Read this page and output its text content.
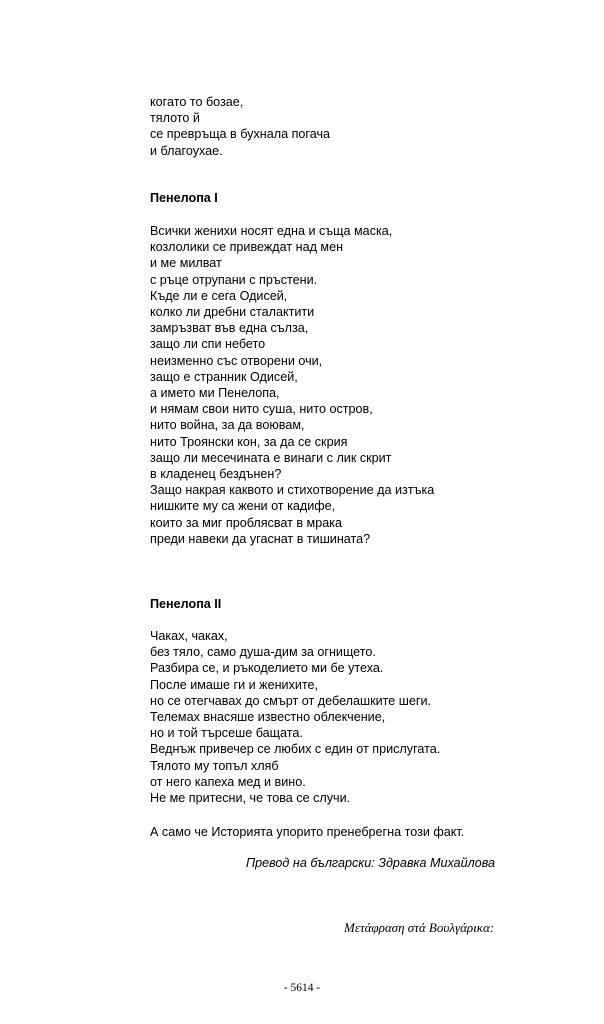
когато то бозае,
тялото й
се превръща в бухнала погача
и благоухае.
Пенелопа I
Всички женихи носят една и съща маска,
козлолики се привеждат над мен
и ме милват
с ръце отрупани с пръстени.
Къде ли е сега Одисей,
колко ли дребни сталактити
замръзват във една сълза,
защо ли спи небето
неизменно със отворени очи,
защо е странник Одисей,
а името ми Пенелопа,
и нямам свои нито суша, нито остров,
нито война, за да воювам,
нито Троянски кон, за да се скрия
защо ли месечината е винаги с лик скрит
в кладенец бездънен?
Защо накрая каквото и стихотворение да изтъка
нишките му са жени от кадифе,
които за миг проблясват в мрака
преди навеки да угаснат в тишината?
Пенелопа II
Чаках, чаках,
без тяло, само душа-дим за огнището.
Разбира се, и ръкоделието ми бе утеха.
После имаше ги и женихите,
но се отегчавах до смърт от дебелашките шеги.
Телемах внасяше известно облекчение,
но и той търсеше бащата.
Веднъж привечер се любих с един от прислугата.
Тялото му топъл хляб
от него капеха мед и вино.
Не ме притесни, че това се случи.
А само че Историята упорито пренебрегна този факт.
Превод на български: Здравка Михайлова
Μετάφραση στά Βουλγάρικα:
- 5614 -
